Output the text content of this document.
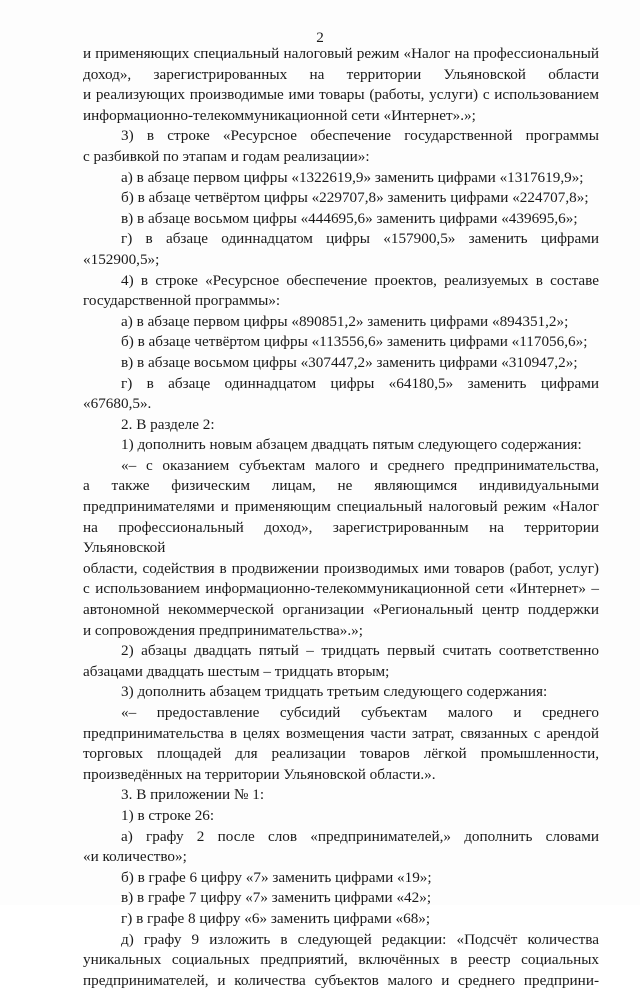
2

и применяющих специальный налоговый режим «Налог на профессиональный

доход», зарегистрированных на территории Ульяновской области

и реализующих производимые ими товары (работы, услуги) с использованием

информационно-телекоммуникационной сети «Интернет».»;

3) в строке «Ресурсное обеспечение государственной программы

с разбивкой по этапам и годам реализации»:

а) в абзаце первом цифры «1322619,9» заменить цифрами «1317619,9»;

б) в абзаце четвёртом цифры «229707,8» заменить цифрами «224707,8»;

в) в абзаце восьмом цифры «444695,6» заменить цифрами «439695,6»;

г) в абзаце одиннадцатом цифры «157900,5» заменить цифрами

«152900,5»;

4) в строке «Ресурсное обеспечение проектов, реализуемых в составе

государственной программы»:

а) в абзаце первом цифры «890851,2» заменить цифрами «894351,2»;

б) в абзаце четвёртом цифры «113556,6» заменить цифрами «117056,6»;

в) в абзаце восьмом цифры «307447,2» заменить цифрами «310947,2»;

г) в абзаце одиннадцатом цифры «64180,5» заменить цифрами

«67680,5».

2. В разделе 2:

1) дополнить новым абзацем двадцать пятым следующего содержания:

«– с оказанием субъектам малого и среднего предпринимательства,

а также физическим лицам, не являющимся индивидуальными

предпринимателями и применяющим специальный налоговый режим «Налог

на профессиональный доход», зарегистрированным на территории Ульяновской

области, содействия в продвижении производимых ими товаров (работ, услуг)

с использованием информационно-телекоммуникационной сети «Интернет» –

автономной некоммерческой организации «Региональный центр поддержки

и сопровождения предпринимательства».»;

2) абзацы двадцать пятый – тридцать первый считать соответственно

абзацами двадцать шестым – тридцать вторым;

3) дополнить абзацем тридцать третьим следующего содержания:

«– предоставление субсидий субъектам малого и среднего

предпринимательства в целях возмещения части затрат, связанных с арендой

торговых площадей для реализации товаров лёгкой промышленности,

произведённых на территории Ульяновской области.».

3. В приложении № 1:

1) в строке 26:

а) графу 2 после слов «предпринимателей,» дополнить словами

«и количество»;

б) в графе 6 цифру «7» заменить цифрами «19»;

в) в графе 7 цифру «7» заменить цифрами «42»;

г) в графе 8 цифру «6» заменить цифрами «68»;

д) графу 9 изложить в следующей редакции: «Подсчёт количества

уникальных социальных предприятий, включённых в реестр социальных

предпринимателей, и количества субъектов малого и среднего предприни-
